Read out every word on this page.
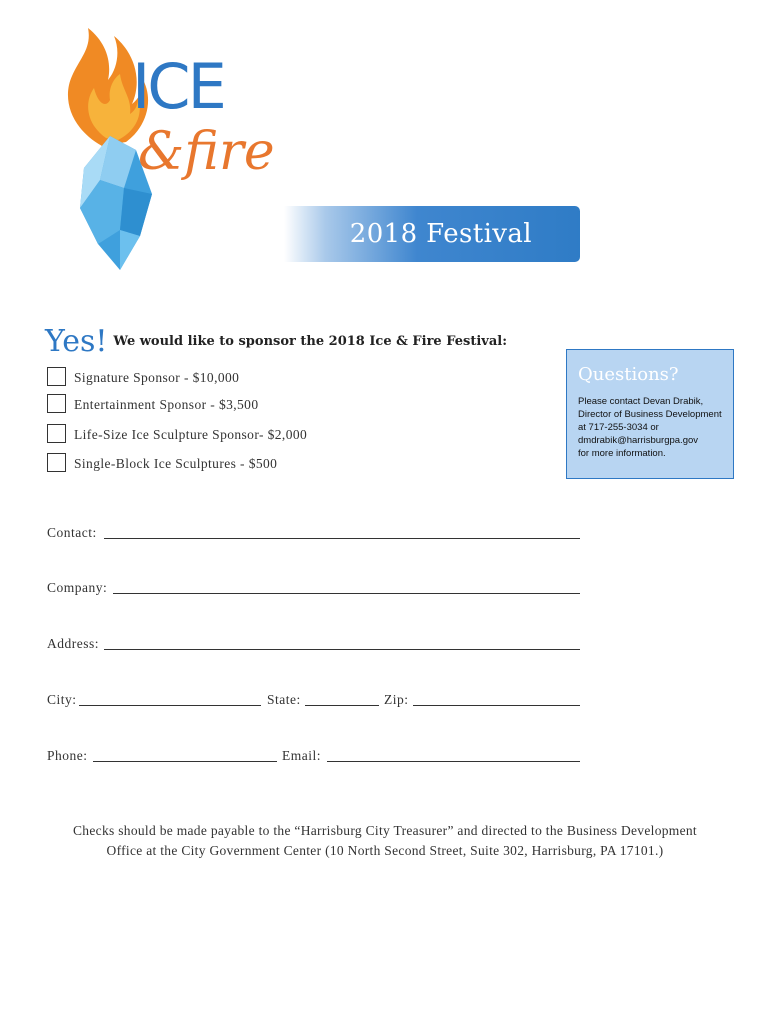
ICE
&fire
2018 Festival
Yes! $^{We would like to sponsor the 2018 Ice \& Fire Festival:}$
Signature Sponsor - $10,000
Entertainment Sponsor - $3,500
Life-Size Ice Sculpture Sponsor- $2,000
Single-Block Ice Sculptures - $500
Questions?
Please contact Devan Drabik,
Director of Business Development
at 717-255-3034 or
dmdrabik@harrisburgpa.gov
for more information.
Contact:
Company:
Address:
City:	State:	Zip:
Phone:	Email:
Checks should be made payable to the “Harrisburg City Treasurer” and directed to the Business Development
Office at the City Government Center (10 North Second Street, Suite 302, Harrisburg, PA 17101.)
